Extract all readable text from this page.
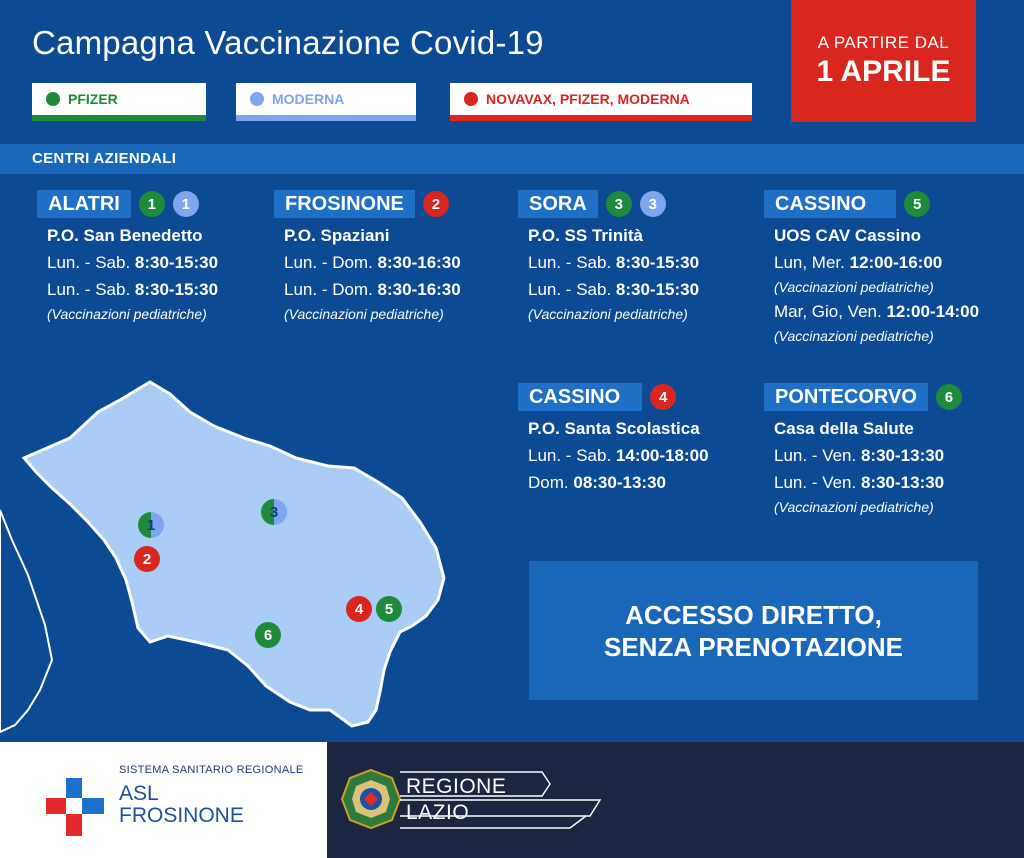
Campagna Vaccinazione Covid-19
PFIZER	MODERNA	NOVAVAX, PFIZER, MODERNA
A PARTIRE DAL
1 APRILE
CENTRI AZIENDALI
ALATRI	1	1
P.O. San Benedetto
Lun. - Sab. 8:30-15:30
Lun. - Sab. 8:30-15:30
(Vaccinazioni pediatriche)
FROSINONE	2
P.O. Spaziani
Lun. - Dom. 8:30-16:30
Lun. - Dom. 8:30-16:30
(Vaccinazioni pediatriche)
SORA	3	3
P.O. SS Trinità
Lun. - Sab. 8:30-15:30
Lun. - Sab. 8:30-15:30
(Vaccinazioni pediatriche)
CASSINO	5
UOS CAV Cassino
Lun, Mer. 12:00-16:00
(Vaccinazioni pediatriche)
Mar, Gio, Ven. 12:00-14:00
(Vaccinazioni pediatriche)
CASSINO	4
P.O. Santa Scolastica
Lun. - Sab. 14:00-18:00
Dom. 08:30-13:30
PONTECORVO	6
Casa della Salute
Lun. - Ven. 8:30-13:30
Lun. - Ven. 8:30-13:30
(Vaccinazioni pediatriche)
1
2
3
4	5
6
ACCESSO DIRETTO,
SENZA PRENOTAZIONE
SISTEMA SANITARIO REGIONALE
ASL
FROSINONE
REGIONE
LAZIO
